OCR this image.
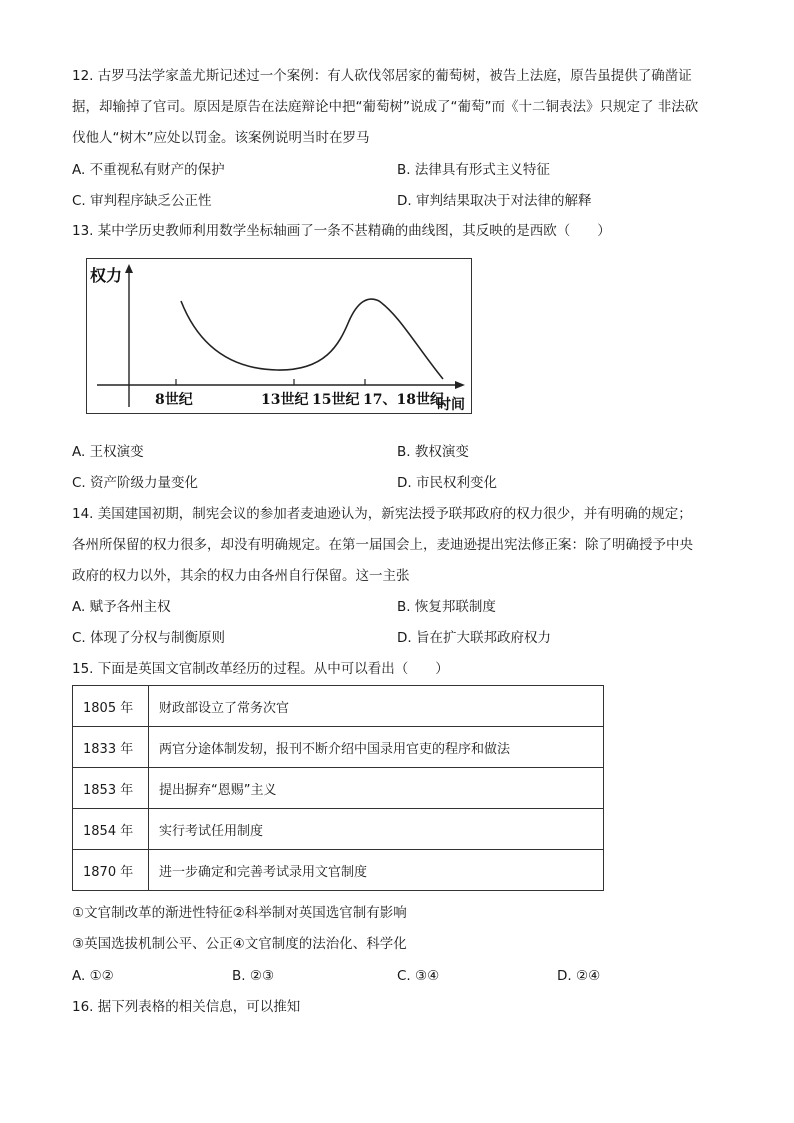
12. 古罗马法学家盖尤斯记述过一个案例：有人砍伐邻居家的葡萄树，被告上法庭，原告虽提供了确凿证
据，却输掉了官司。原因是原告在法庭辩论中把“葡萄树”说成了“葡萄”而《十二铜表法》只规定了 非法砍
伐他人“树木”应处以罚金。该案例说明当时在罗马
A. 不重视私有财产的保护	B. 法律具有形式主义特征
C. 审判程序缺乏公正性	D. 审判结果取决于对法律的解释
13. 某中学历史教师利用数学坐标轴画了一条不甚精确的曲线图，其反映的是西欧（　　）
权力
8世纪	13世纪 15世纪 17、18世纪
时间
A. 王权演变	B. 教权演变
C. 资产阶级力量变化	D. 市民权利变化
14. 美国建国初期，制宪会议的参加者麦迪逊认为，新宪法授予联邦政府的权力很少，并有明确的规定；
各州所保留的权力很多，却没有明确规定。在第一届国会上，麦迪逊提出宪法修正案：除了明确授予中央
政府的权力以外，其余的权力由各州自行保留。这一主张
A. 赋予各州主权	B. 恢复邦联制度
C. 体现了分权与制衡原则	D. 旨在扩大联邦政府权力
15. 下面是英国文官制改革经历的过程。从中可以看出（　　）
1805 年	财政部设立了常务次官
1833 年	两官分途体制发轫，报刊不断介绍中国录用官吏的程序和做法
1853 年	提出摒弃“恩赐”主义
1854 年	实行考试任用制度
1870 年	进一步确定和完善考试录用文官制度
①文官制改革的渐进性特征②科举制对英国选官制有影响
③英国选拔机制公平、公正④文官制度的法治化、科学化
A. ①②	B. ②③	C. ③④	D. ②④
16. 据下列表格的相关信息，可以推知
